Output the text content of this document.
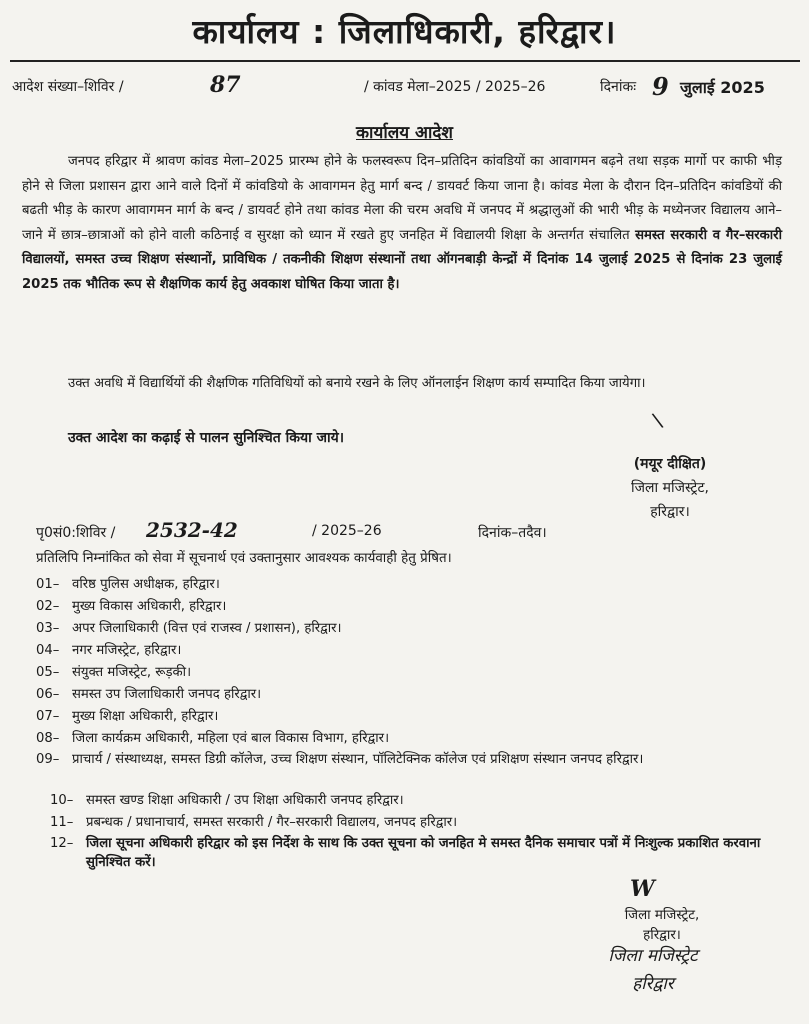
कार्यालय : जिलाधिकारी, हरिद्वार।
आदेश संख्या–शिविर /	87	/ कांवड मेला–2025 / 2025–26	दिनांकः 9 जुलाई 2025
कार्यालय आदेश

जनपद हरिद्वार में श्रावण कांवड मेला–2025 प्रारम्भ होने के फलस्वरूप दिन–प्रतिदिन कांवडियों का आवागमन बढ़ने तथा सड़क मार्गो पर काफी भीड़ होने से जिला प्रशासन द्वारा आने वाले दिनों में कांवडियो के आवागमन हेतु मार्ग बन्द / डायवर्ट किया जाना है। कांवड मेला के दौरान दिन–प्रतिदिन कांवडियों की बढती भीड़ के कारण आवागमन मार्ग के बन्द / डायवर्ट होने तथा कांवड मेला की चरम अवधि में जनपद में श्रद्धालुओं की भारी भीड़ के मध्येनजर विद्यालय आने–जाने में छात्र–छात्राओं को होने वाली कठिनाई व सुरक्षा को ध्यान में रखते हुए जनहित में विद्यालयी शिक्षा के अन्तर्गत संचालित समस्त सरकारी व गैर–सरकारी विद्यालयों, समस्त उच्च शिक्षण संस्थानों, प्राविधिक / तकनीकी शिक्षण संस्थानों तथा ऑगनबाड़ी केन्द्रों में दिनांक 14 जुलाई 2025 से दिनांक 23 जुलाई 2025 तक भौतिक रूप से शैक्षणिक कार्य हेतु अवकाश घोषित किया जाता है।

उक्त अवधि में विद्यार्थियों की शैक्षणिक गतिविधियों को बनाये रखने के लिए ऑनलाईन शिक्षण कार्य सम्पादित किया जायेगा।

उक्त आदेश का कढ़ाई से पालन सुनिश्चित किया जाये।
\
(मयूर दीक्षित)
जिला मजिस्ट्रेट,
हरिद्वार।
पृ0सं0:शिविर / 2532-42	/ 2025–26	दिनांक–तदैव।
प्रतिलिपि निम्नांकित को सेवा में सूचनार्थ एवं उक्तानुसार आवश्यक कार्यवाही हेतु प्रेषित।
01– वरिष्ठ पुलिस अधीक्षक, हरिद्वार।
02– मुख्य विकास अधिकारी, हरिद्वार।
03– अपर जिलाधिकारी (वित्त एवं राजस्व / प्रशासन), हरिद्वार।
04– नगर मजिस्ट्रेट, हरिद्वार।
05– संयुक्त मजिस्ट्रेट, रूड़की।
06– समस्त उप जिलाधिकारी जनपद हरिद्वार।
07– मुख्य शिक्षा अधिकारी, हरिद्वार।
08– जिला कार्यक्रम अधिकारी, महिला एवं बाल विकास विभाग, हरिद्वार।
09– प्राचार्य / संस्थाध्यक्ष, समस्त डिग्री कॉलेज, उच्च शिक्षण संस्थान, पॉलिटेक्निक कॉलेज एवं प्रशिक्षण संस्थान जनपद हरिद्वार।
10– समस्त खण्ड शिक्षा अधिकारी / उप शिक्षा अधिकारी जनपद हरिद्वार।
11– प्रबन्धक / प्रधानाचार्य, समस्त सरकारी / गैर–सरकारी विद्यालय, जनपद हरिद्वार।
12– जिला सूचना अधिकारी हरिद्वार को इस निर्देश के साथ कि उक्त सूचना को जनहित मे समस्त दैनिक समाचार पत्रों में निःशुल्क प्रकाशित करवाना सुनिश्चित करें।
W
जिला मजिस्ट्रेट,
हरिद्वार।
जिला मजिस्ट्रेट
हरिद्वार
